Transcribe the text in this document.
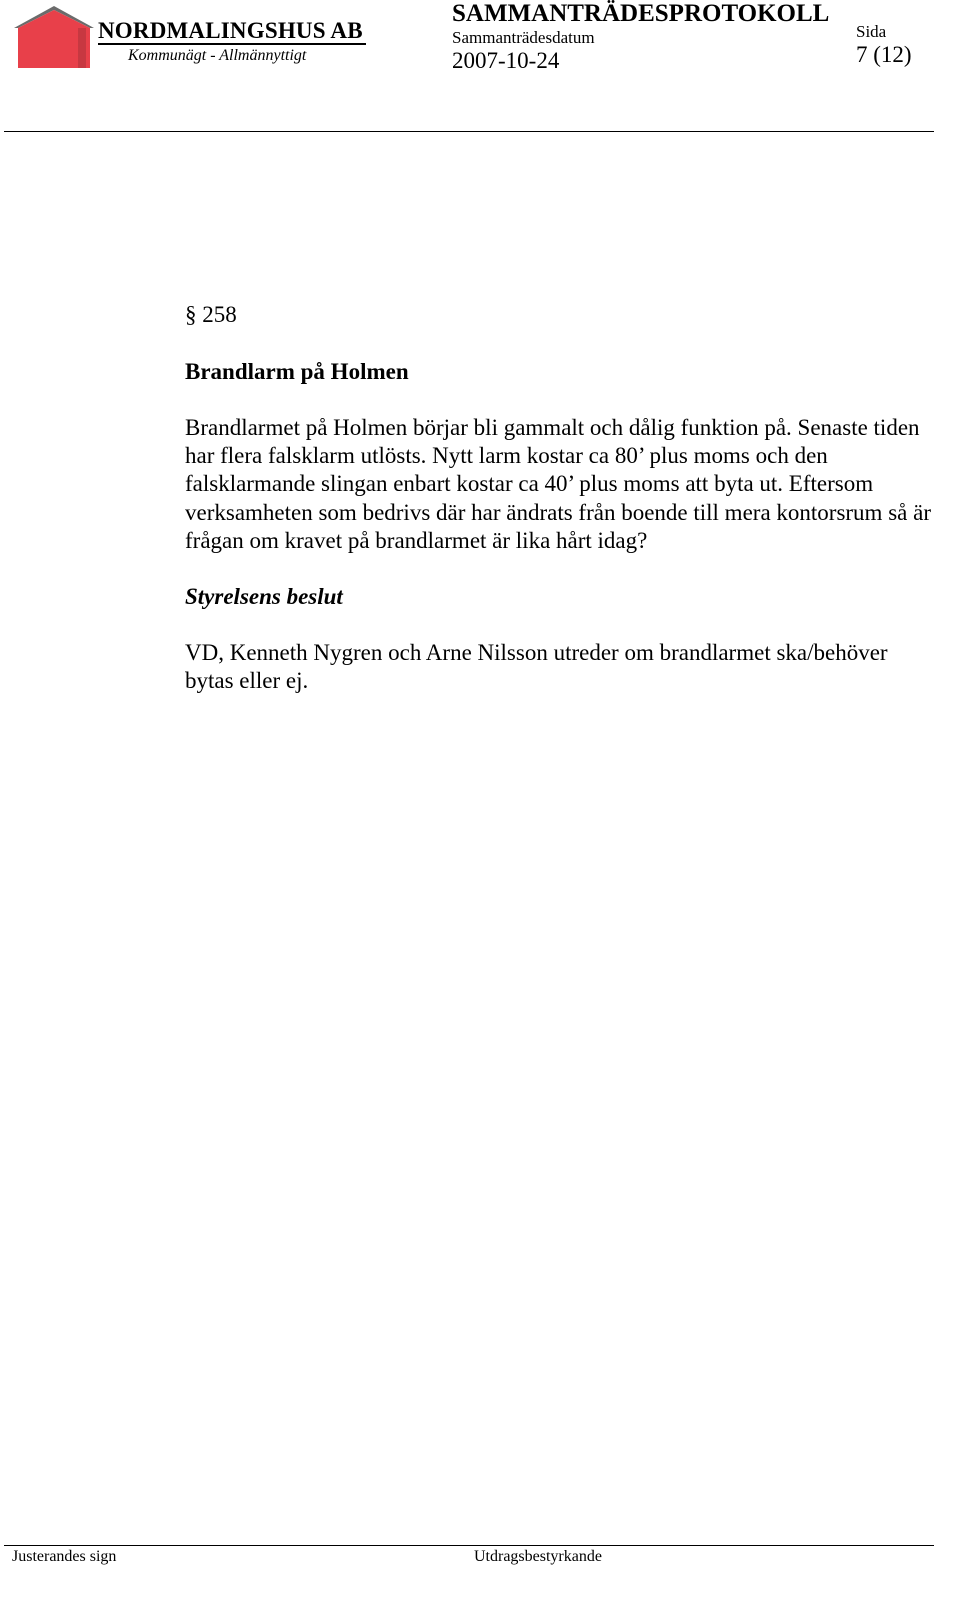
NORDMALINGSHUS AB
Kommunägt - Allmännyttigt
SAMMANTRÄDESPROTOKOLL
Sammanträdesdatum
2007-10-24
Sida
7 (12)
§ 258
Brandlarm på Holmen
Brandlarmet på Holmen börjar bli gammalt och dålig funktion på. Senaste tiden har flera falsklarm utlösts. Nytt larm kostar ca 80’ plus moms och den falsklarmande slingan enbart kostar ca 40’ plus moms att byta ut. Eftersom verksamheten som bedrivs där har ändrats från boende till mera kontorsrum så är frågan om kravet på brandlarmet är lika hårt idag?
Styrelsens beslut
VD, Kenneth Nygren och Arne Nilsson utreder om brandlarmet ska/behöver bytas eller ej.
Justerandes sign	Utdragsbestyrkande
